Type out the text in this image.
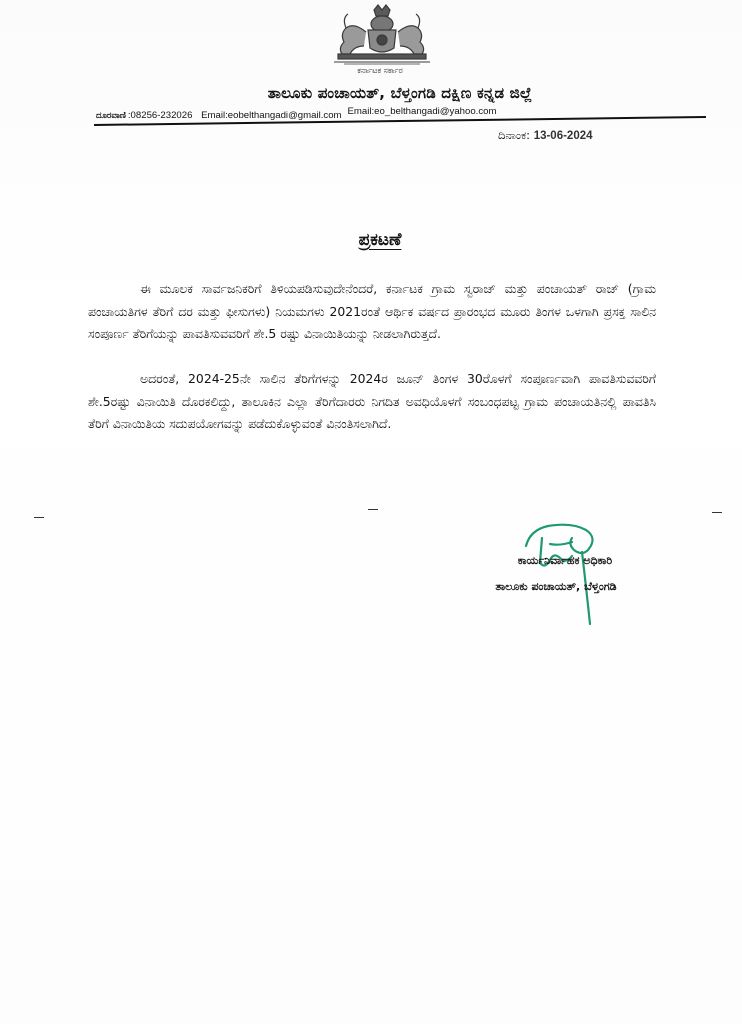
ಕರ್ನಾಟಕ ಸರ್ಕಾರ
ತಾಲೂಕು ಪಂಚಾಯತ್, ಬೆಳ್ತಂಗಡಿ ದಕ್ಷಿಣ ಕನ್ನಡ ಜಿಲ್ಲೆ
ದೂರವಾಣಿ :08256-232026 Email:eobelthangadi@gmail.com Email:eo_belthangadi@yahoo.com
ದಿನಾಂಕ: 13-06-2024
ಪ್ರಕಟಣೆ

ಈ ಮೂಲಕ ಸಾರ್ವಜನಿಕರಿಗೆ ತಿಳಿಯಪಡಿಸುವುದೇನೆಂದರೆ, ಕರ್ನಾಟಕ ಗ್ರಾಮ ಸ್ವರಾಜ್ ಮತ್ತು ಪಂಚಾಯತ್ ರಾಜ್ (ಗ್ರಾಮ ಪಂಚಾಯತಿಗಳ ತೆರಿಗೆ ದರ ಮತ್ತು ಫೀಸುಗಳು) ನಿಯಮಗಳು 2021ರಂತೆ ಆರ್ಥಿಕ ವರ್ಷದ ಪ್ರಾರಂಭದ ಮೂರು ತಿಂಗಳ ಒಳಗಾಗಿ ಪ್ರಸಕ್ತ ಸಾಲಿನ ಸಂಪೂರ್ಣ ತೆರಿಗೆಯನ್ನು ಪಾವತಿಸುವವರಿಗೆ ಶೇ.5 ರಷ್ಟು ವಿನಾಯಿತಿಯನ್ನು ನೀಡಲಾಗಿರುತ್ತದೆ.

ಅದರಂತೆ, 2024-25ನೇ ಸಾಲಿನ ತೆರಿಗೆಗಳನ್ನು 2024ರ ಜೂನ್ ತಿಂಗಳ 30ರೊಳಗೆ ಸಂಪೂರ್ಣವಾಗಿ ಪಾವತಿಸುವವರಿಗೆ ಶೇ.5ರಷ್ಟು ವಿನಾಯಿತಿ ದೊರಕಲಿದ್ದು, ತಾಲೂಕಿನ ಎಲ್ಲಾ ತೆರಿಗೆದಾರರು ನಿಗದಿತ ಅವಧಿಯೊಳಗೆ ಸಂಬಂಧಪಟ್ಟ ಗ್ರಾಮ ಪಂಚಾಯತಿನಲ್ಲಿ ಪಾವತಿಸಿ ತೆರಿಗೆ ವಿನಾಯಿತಿಯ ಸದುಪಯೋಗವನ್ನು ಪಡೆದುಕೊಳ್ಳುವಂತೆ ವಿನಂತಿಸಲಾಗಿದೆ.

ಕಾರ್ಯನಿರ್ವಾಹಕ ಅಧಿಕಾರಿ
ತಾಲೂಕು ಪಂಚಾಯತ್, ಬೆಳ್ತಂಗಡಿ
